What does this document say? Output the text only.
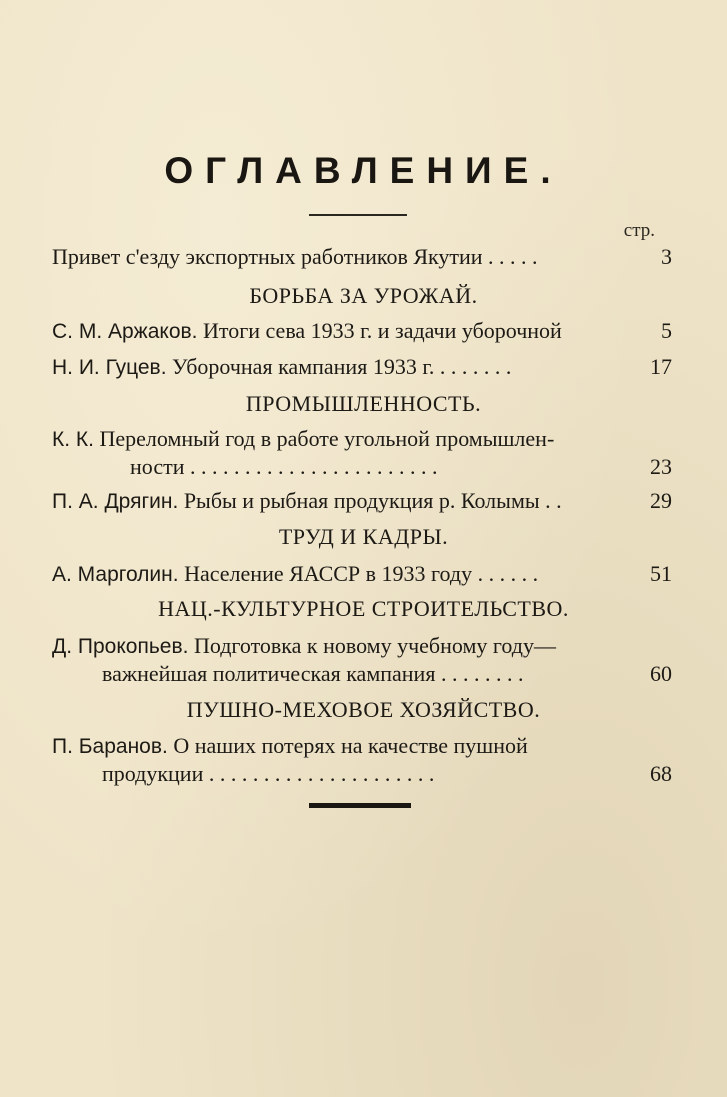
ОГЛАВЛЕНИЕ.
стр.
Привет с'езду экспортных работников Якутии . . . . .	3
БОРЬБА ЗА УРОЖАЙ.
С. М. Аржаков. Итоги сева 1933 г. и задачи уборочной	5
Н. И. Гуцев. Уборочная кампания 1933 г. . . . . . . .	17
ПРОМЫШЛЕННОСТЬ.
К. К. Переломный год в работе угольной промышлен-
ности . . . . . . . . . . . . . . . . . . . . . . .	23
П. А. Дрягин. Рыбы и рыбная продукция р. Колымы . .	29
ТРУД И КАДРЫ.
А. Марголин. Население ЯАССР в 1933 году . . . . . .	51
НАЦ.-КУЛЬТУРНОЕ СТРОИТЕЛЬСТВО.
Д. Прокопьев. Подготовка к новому учебному году—
важнейшая политическая кампания . . . . . . . .	60
ПУШНО-МЕХОВОЕ ХОЗЯЙСТВО.
П. Баранов. О наших потерях на качестве пушной
продукции . . . . . . . . . . . . . . . . . . . . .	68
